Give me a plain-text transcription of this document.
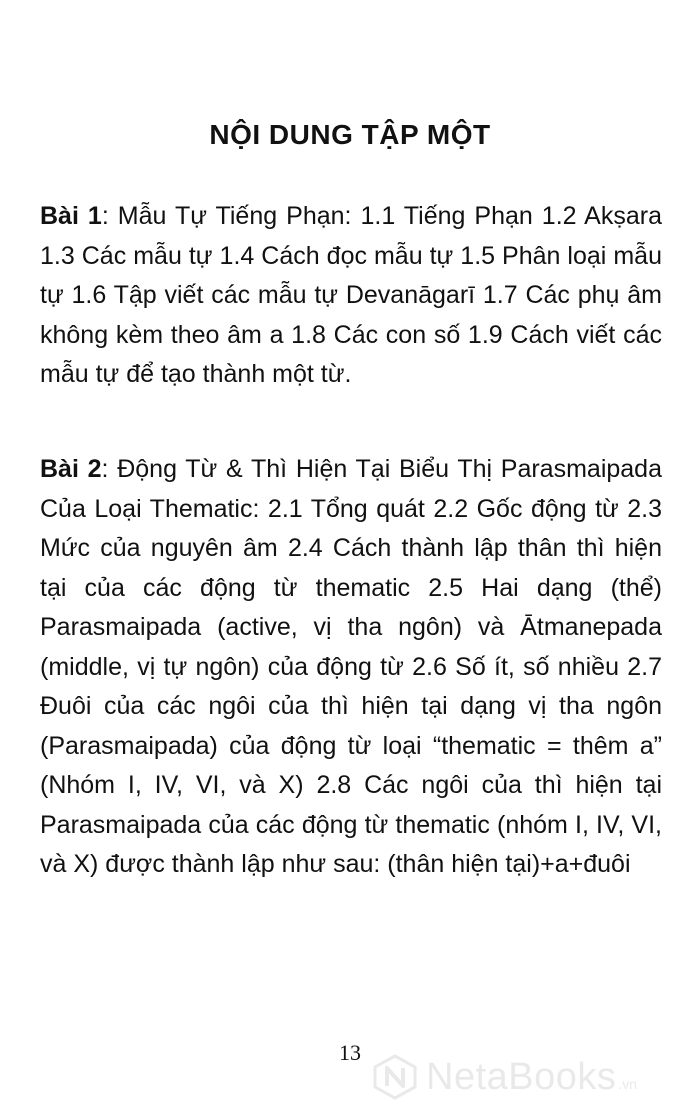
NỘI DUNG TẬP MỘT

Bài 1: Mẫu Tự Tiếng Phạn: 1.1 Tiếng Phạn 1.2 Akṣara 1.3 Các mẫu tự 1.4 Cách đọc mẫu tự 1.5 Phân loại mẫu tự 1.6 Tập viết các mẫu tự Devanāgarī 1.7 Các phụ âm không kèm theo âm a 1.8 Các con số 1.9 Cách viết các mẫu tự để tạo thành một từ.

Bài 2: Động Từ & Thì Hiện Tại Biểu Thị Parasmaipada Của Loại Thematic: 2.1 Tổng quát 2.2 Gốc động từ 2.3 Mức của nguyên âm 2.4 Cách thành lập thân thì hiện tại của các động từ thematic 2.5 Hai dạng (thể) Parasmaipada (active, vị tha ngôn) và Ātmanepada (middle, vị tự ngôn) của động từ 2.6 Số ít, số nhiều 2.7 Đuôi của các ngôi của thì hiện tại dạng vị tha ngôn (Parasmaipada) của động từ loại “thematic = thêm a” (Nhóm I, IV, VI, và X) 2.8 Các ngôi của thì hiện tại Parasmaipada của các động từ thematic (nhóm I, IV, VI, và X) được thành lập như sau: (thân hiện tại)+a+đuôi

13
NetaBooks .vn
